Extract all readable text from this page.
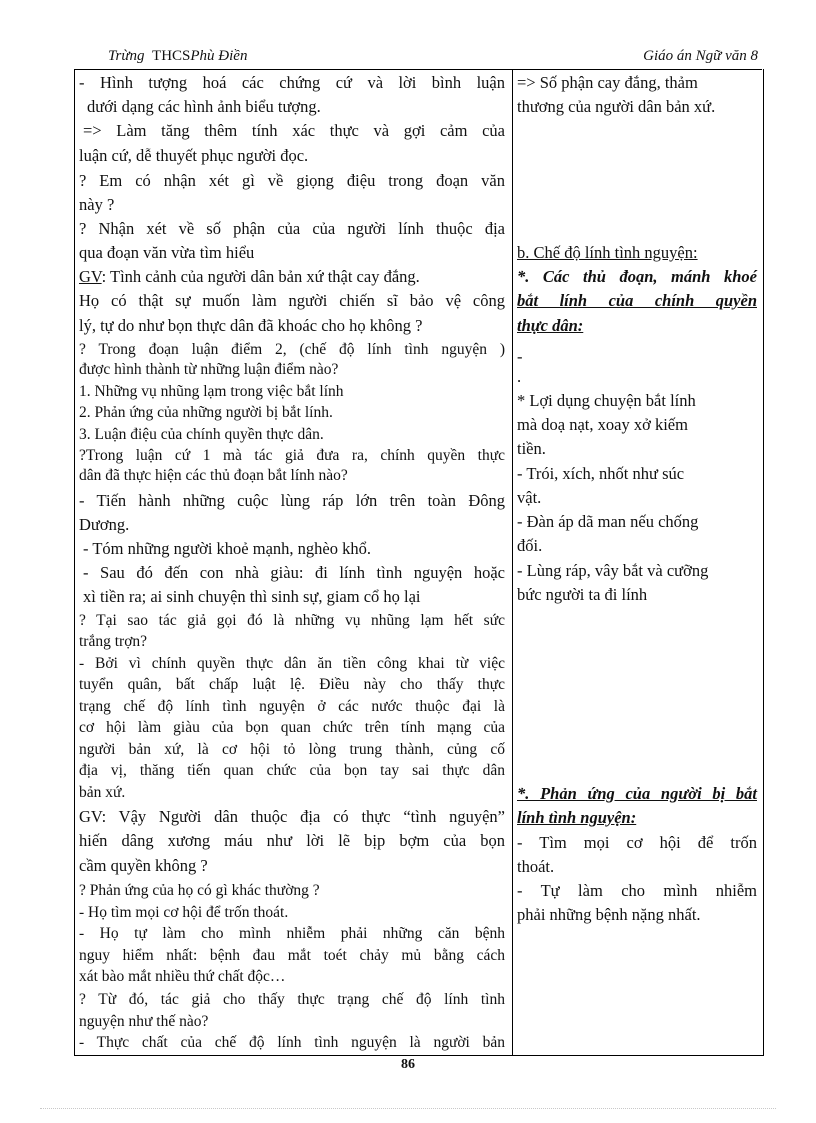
Trừng THCSPhù Điền	Giáo án Ngữ văn 8
- Hình tượng hoá các chứng cứ và lời bình luận
dưới dạng các hình ảnh biểu tượng.
=> Làm tăng thêm tính xác thực và gợi cảm của
luận cứ, dễ thuyết phục người đọc.
? Em có nhận xét gì về giọng điệu trong đoạn văn
này ?
? Nhận xét về số phận của của người lính thuộc địa
qua đoạn văn vừa tìm hiểu
GV: Tình cảnh của người dân bản xứ thật cay đắng.
Họ có thật sự muốn làm người chiến sĩ bảo vệ công
lý, tự do như bọn thực dân đã khoác cho họ không ?
? Trong đoạn luận điểm 2, (chế độ lính tình nguyện )
được hình thành từ những luận điểm nào?
1. Những vụ nhũng lạm trong việc bắt lính
2. Phản ứng của những người bị bắt lính.
3. Luận điệu của chính quyền thực dân.
?Trong luận cứ 1 mà tác giả đưa ra, chính quyền thực
dân đã thực hiện các thủ đoạn bắt lính nào?
- Tiến hành những cuộc lùng ráp lớn trên toàn Đông
Dương.
- Tóm những người khoẻ mạnh, nghèo khổ.
- Sau đó đến con nhà giàu: đi lính tình nguyện hoặc
xì tiền ra; ai sinh chuyện thì sinh sự, giam cổ họ lại
? Tại sao tác giả gọi đó là những vụ nhũng lạm hết sức
trắng trợn?
- Bởi vì chính quyền thực dân ăn tiền công khai từ việc
tuyển quân, bất chấp luật lệ. Điều này cho thấy thực
trạng chế độ lính tình nguyện ở các nước thuộc đại là
cơ hội làm giàu của bọn quan chức trên tính mạng của
người bản xứ, là cơ hội tỏ lòng trung thành, củng cố
địa vị, thăng tiến quan chức của bọn tay sai thực dân
bản xứ.
GV: Vậy Người dân thuộc địa có thực “tình nguyện”
hiến dâng xương máu như lời lẽ bịp bợm của bọn
cầm quyền không ?
? Phản ứng của họ có gì khác thường ?
- Họ tìm mọi cơ hội để trốn thoát.
- Họ tự làm cho mình nhiễm phải những căn bệnh
nguy hiểm nhất: bệnh đau mắt toét chảy mủ bằng cách
xát bào mắt nhiều thứ chất độc…
? Từ đó, tác giả cho thấy thực trạng chế độ lính tình
nguyện như thế nào?
- Thực chất của chế độ lính tình nguyện là người bản
=> Số phận cay đắng, thảm
thương của người dân bản xứ.
b. Chế độ lính tình nguyện:
*. Các thủ đoạn, mánh khoé
bắt lính của chính quyền
thực dân:
-
.
* Lợi dụng chuyện bắt lính
mà doạ nạt, xoay xở kiếm
tiền.
- Trói, xích, nhốt như súc
vật.
- Đàn áp dã man nếu chống
đối.
- Lùng ráp, vây bắt và cưỡng
bức người ta đi lính
*. Phản ứng của người bị bắt
lính tình nguyện:
- Tìm mọi cơ hội để trốn
thoát.
- Tự làm cho mình nhiễm
phải những bệnh nặng nhất.
86
